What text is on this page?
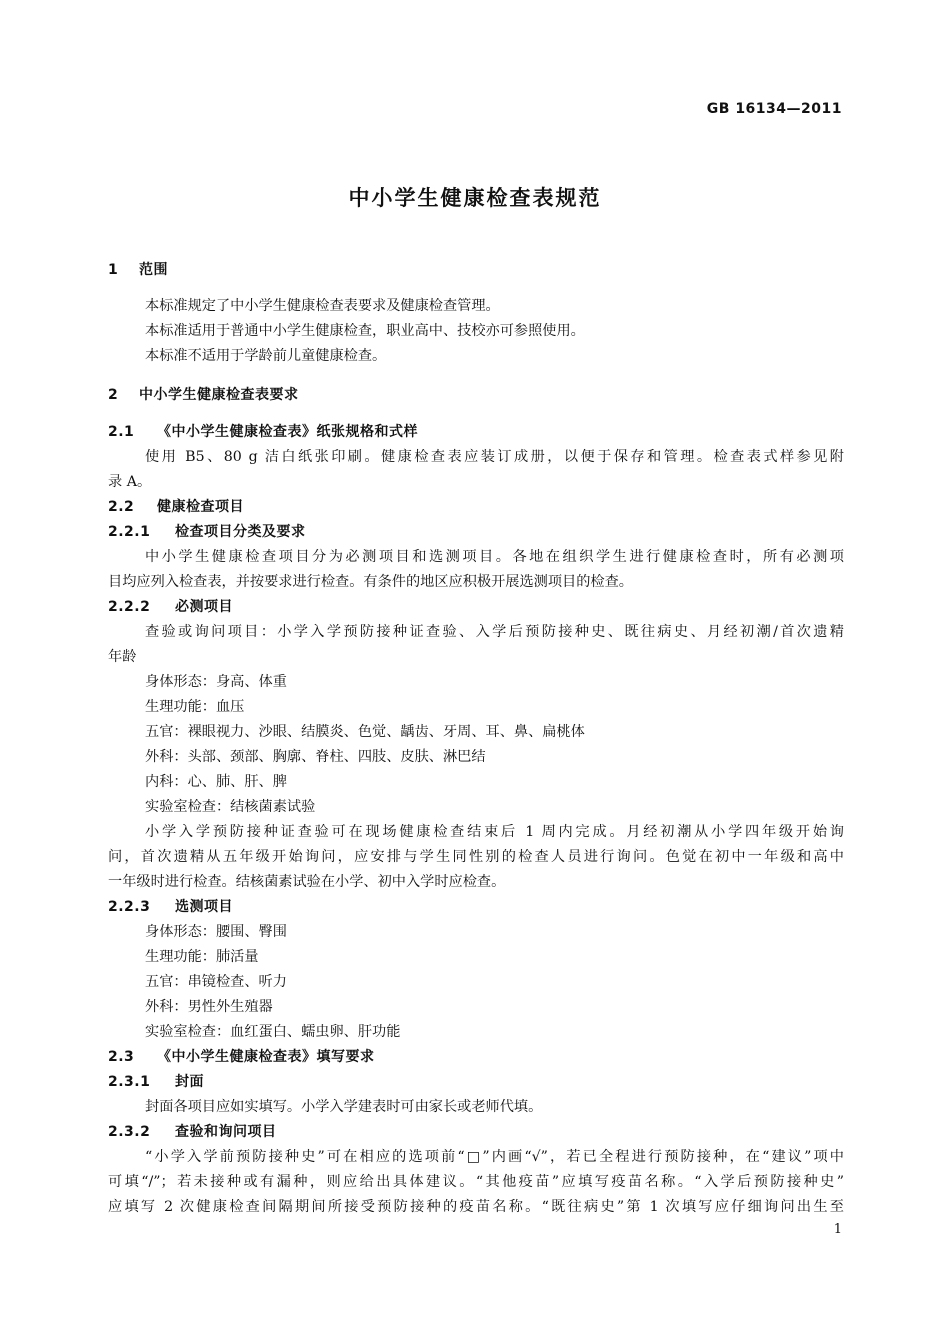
GB 16134—2011
中小学生健康检查表规范
1 范围
本标准规定了中小学生健康检查表要求及健康检查管理。
本标准适用于普通中小学生健康检查，职业高中、技校亦可参照使用。
本标准不适用于学龄前儿童健康检查。
2 中小学生健康检查表要求
2.1 《中小学生健康检查表》纸张规格和式样
使用 B5、80 g 洁白纸张印刷。健康检查表应装订成册，以便于保存和管理。检查表式样参见附
录 A。
2.2 健康检查项目
2.2.1 检查项目分类及要求
中小学生健康检查项目分为必测项目和选测项目。各地在组织学生进行健康检查时，所有必测项
目均应列入检查表，并按要求进行检查。有条件的地区应积极开展选测项目的检查。
2.2.2 必测项目
查验或询问项目：小学入学预防接种证查验、入学后预防接种史、既往病史、月经初潮/首次遗精
年龄
身体形态：身高、体重
生理功能：血压
五官：裸眼视力、沙眼、结膜炎、色觉、龋齿、牙周、耳、鼻、扁桃体
外科：头部、颈部、胸廓、脊柱、四肢、皮肤、淋巴结
内科：心、肺、肝、脾
实验室检查：结核菌素试验
小学入学预防接种证查验可在现场健康检查结束后 1 周内完成。月经初潮从小学四年级开始询
问，首次遗精从五年级开始询问，应安排与学生同性别的检查人员进行询问。色觉在初中一年级和高中
一年级时进行检查。结核菌素试验在小学、初中入学时应检查。
2.2.3 选测项目
身体形态：腰围、臀围
生理功能：肺活量
五官：串镜检查、听力
外科：男性外生殖器
实验室检查：血红蛋白、蠕虫卵、肝功能
2.3 《中小学生健康检查表》填写要求
2.3.1 封面
封面各项目应如实填写。小学入学建表时可由家长或老师代填。
2.3.2 查验和询问项目
“小学入学前预防接种史”可在相应的选项前“□”内画“√”，若已全程进行预防接种，在“建议”项中
可填“/”；若未接种或有漏种，则应给出具体建议。“其他疫苗”应填写疫苗名称。“入学后预防接种史”
应填写 2 次健康检查间隔期间所接受预防接种的疫苗名称。“既往病史”第 1 次填写应仔细询问出生至
1
